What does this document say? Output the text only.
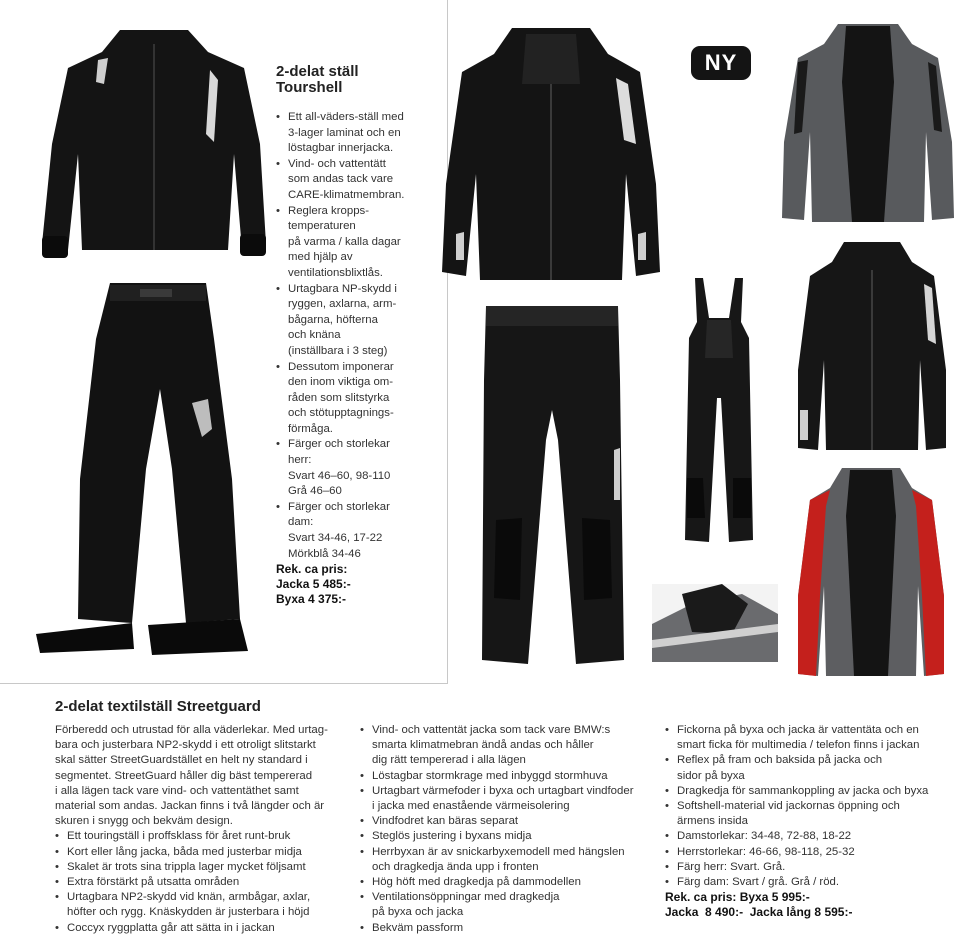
NY
2-delat ställ
Tourshell
• Ett all-väders-ställ med
3-lager laminat och en
löstagbar innerjacka.
• Vind- och vattentätt
som andas tack vare
CARE-klimatmembran.
• Reglera kropps-
temperaturen
på varma / kalla dagar
med hjälp av
ventilationsblixtlås.
• Urtagbara NP-skydd i
ryggen, axlarna, arm-
bågarna, höfterna
och knäna
(inställbara i 3 steg)
• Dessutom imponerar
den inom viktiga om-
råden som slitstyrka
och stötupptagnings-
förmåga.
• Färger och storlekar
herr:
Svart 46–60, 98-110
Grå 46–60
• Färger och storlekar
dam:
Svart 34-46, 17-22
Mörkblå 34-46
Rek. ca pris:
Jacka 5 485:-
Byxa 4 375:-
2-delat textilställ Streetguard

Förberedd och utrustad för alla väderlekar. Med urtag-
bara och justerbara NP2-skydd i ett otroligt slitstarkt
skal sätter StreetGuardstället en helt ny standard i
segmentet. StreetGuard håller dig bäst tempererad
i alla lägen tack vare vind- och vattentäthet samt
material som andas. Jackan finns i två längder och är
skuren i snygg och bekväm design.

• Ett touringställ i proffsklass för året runt-bruk
• Kort eller lång jacka, båda med justerbar midja
• Skalet är trots sina trippla lager mycket följsamt
• Extra förstärkt på utsatta områden
• Urtagbara NP2-skydd vid knän, armbågar, axlar,
höfter och rygg. Knäskydden är justerbara i höjd
• Coccyx ryggplatta går att sätta in i jackan
• Vind- och vattentät jacka som tack vare BMW:s
smarta klimatmebran ändå andas och håller
dig rätt tempererad i alla lägen
• Löstagbar stormkrage med inbyggd stormhuva
• Urtagbart värmefoder i byxa och urtagbart vindfoder
i jacka med enastående värmeisolering
• Vindfodret kan bäras separat
• Steglös justering i byxans midja
• Herrbyxan är av snickarbyxemodell med hängslen
och dragkedja ända upp i fronten
• Hög höft med dragkedja på dammodellen
• Ventilationsöppningar med dragkedja
på byxa och jacka
• Bekväm passform
• Fickorna på byxa och jacka är vattentäta och en
smart ficka för multimedia / telefon finns i jackan
• Reflex på fram och baksida på jacka och
sidor på byxa
• Dragkedja för sammankoppling av jacka och byxa
• Softshell-material vid jackornas öppning och
ärmens insida
• Damstorlekar: 34-48, 72-88, 18-22
• Herrstorlekar: 46-66, 98-118, 25-32
• Färg herr: Svart. Grå.
• Färg dam: Svart / grå. Grå / röd.
Rek. ca pris: Byxa 5 995:-
Jacka  8 490:-  Jacka lång 8 595:-
